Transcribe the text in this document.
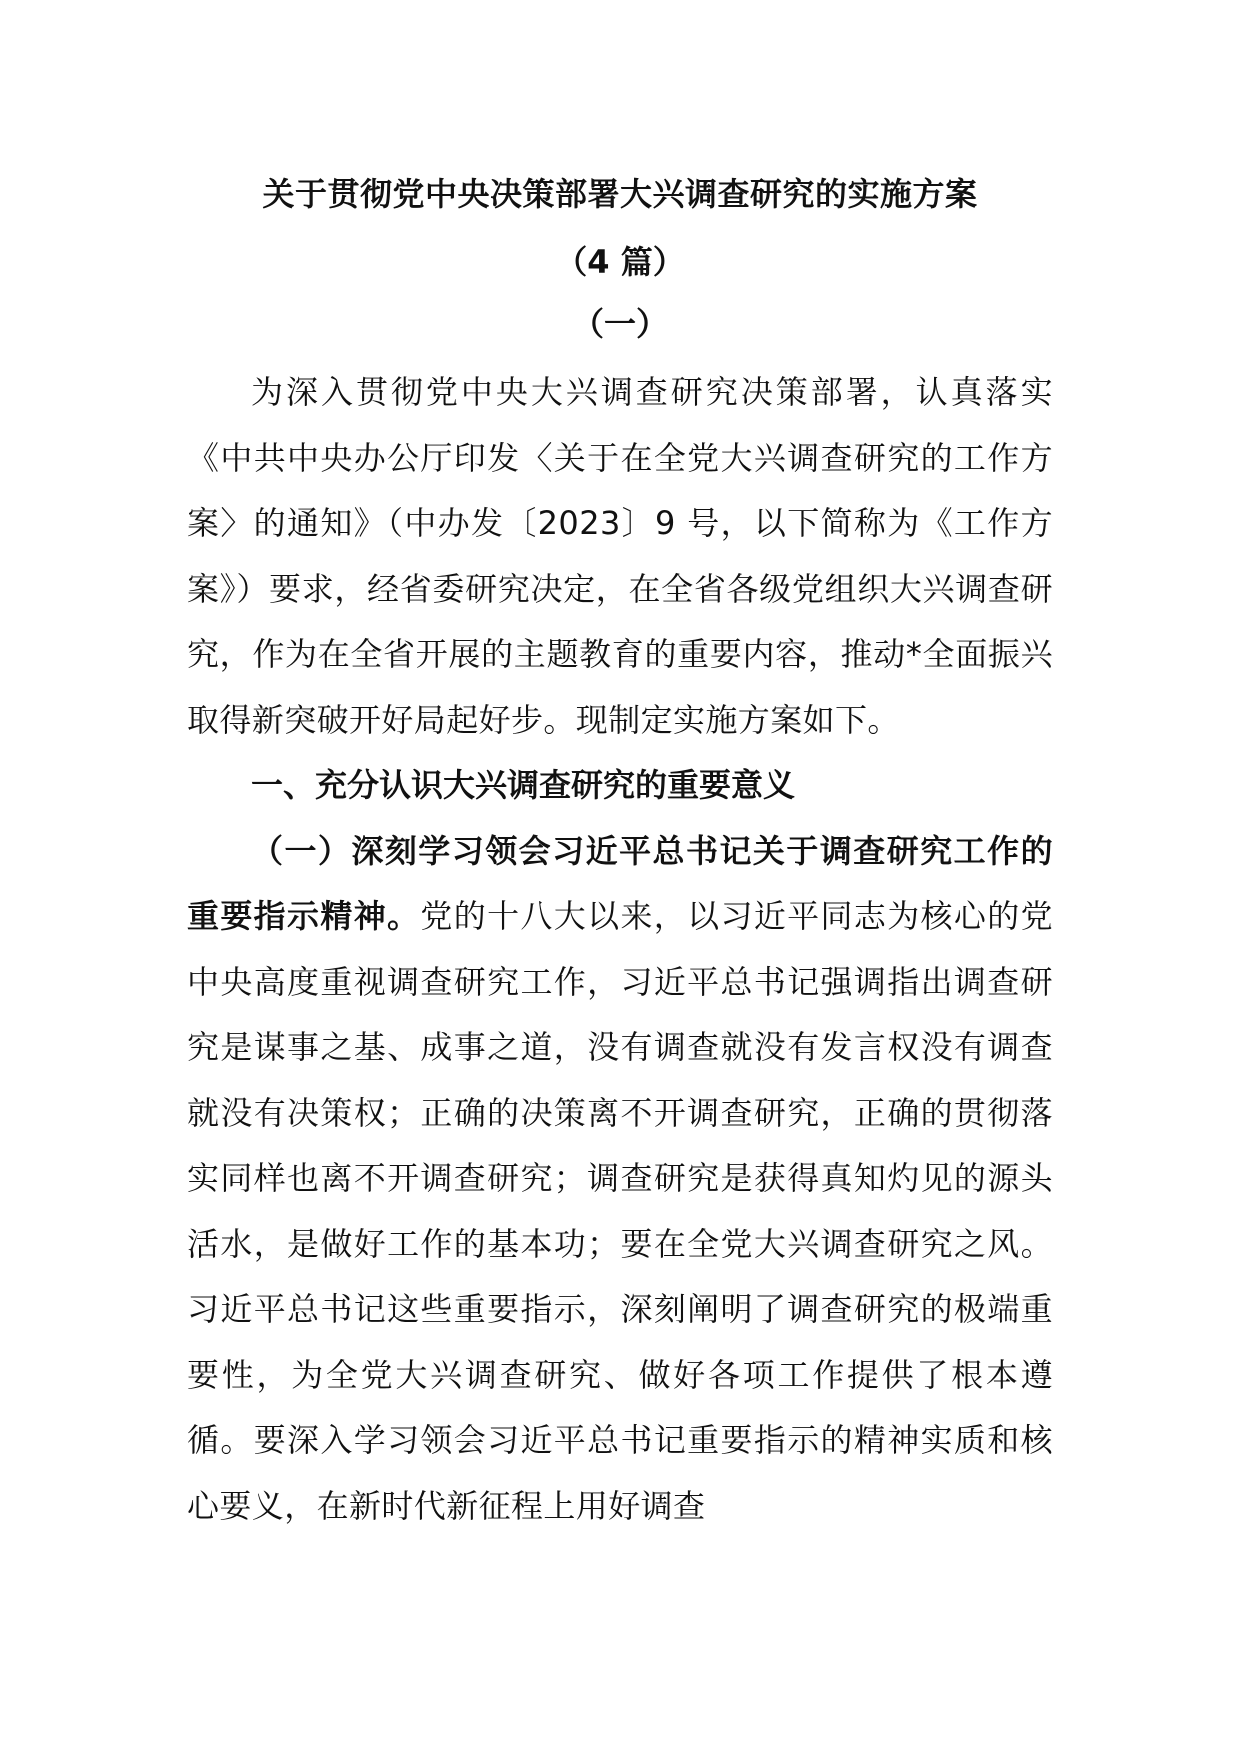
关于贯彻党中央决策部署大兴调查研究的实施方案
（4 篇）
（一）

为深入贯彻党中央大兴调查研究决策部署，认真落实《中共中央办公厅印发〈关于在全党大兴调查研究的工作方案〉的通知》（中办发〔2023〕9 号，以下简称为《工作方案》）要求，经省委研究决定，在全省各级党组织大兴调查研究，作为在全省开展的主题教育的重要内容，推动*全面振兴取得新突破开好局起好步。现制定实施方案如下。

一、充分认识大兴调查研究的重要意义

（一）深刻学习领会习近平总书记关于调查研究工作的重要指示精神。党的十八大以来，以习近平同志为核心的党中央高度重视调查研究工作，习近平总书记强调指出调查研究是谋事之基、成事之道，没有调查就没有发言权没有调查就没有决策权；正确的决策离不开调查研究，正确的贯彻落实同样也离不开调查研究；调查研究是获得真知灼见的源头活水，是做好工作的基本功；要在全党大兴调查研究之风。习近平总书记这些重要指示，深刻阐明了调查研究的极端重要性，为全党大兴调查研究、做好各项工作提供了根本遵循。要深入学习领会习近平总书记重要指示的精神实质和核心要义，在新时代新征程上用好调查
